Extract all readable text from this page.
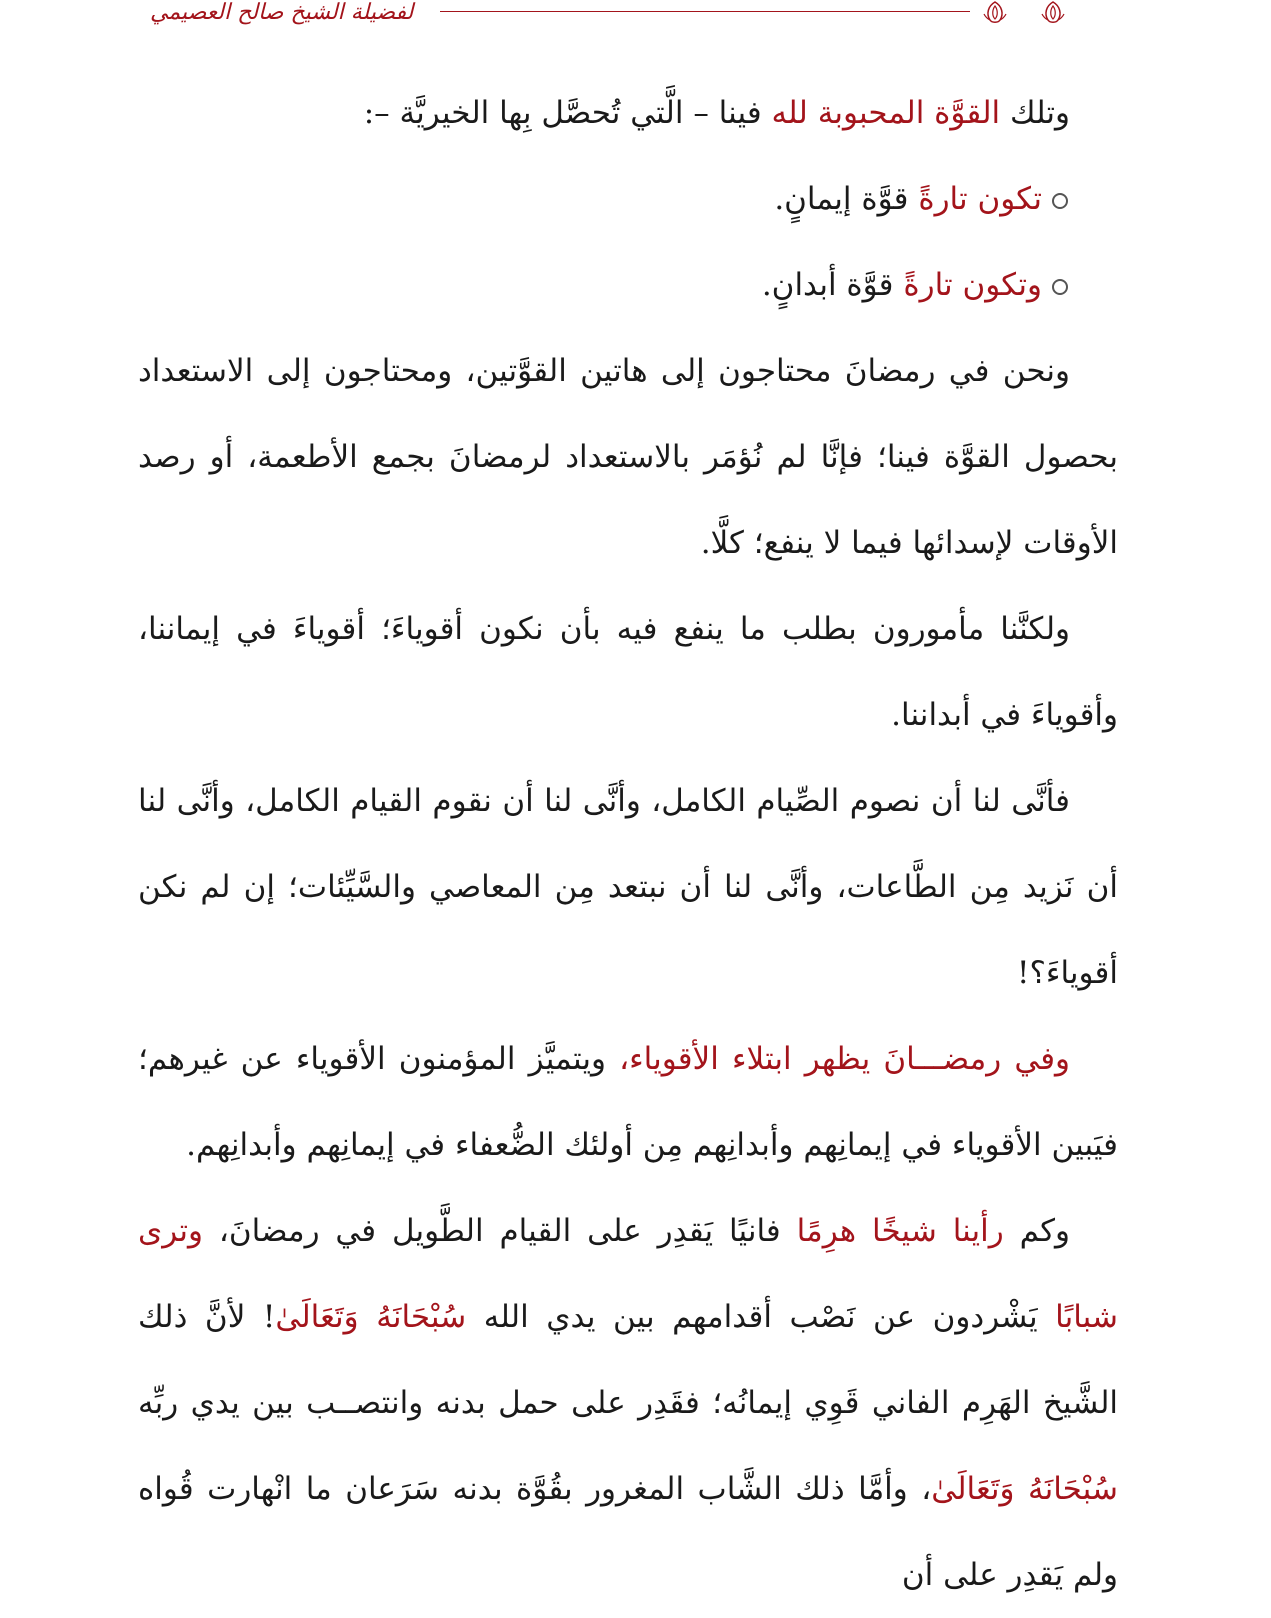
لفضيلة الشيخ صالح العصيمي

وتلك القوَّة المحبوبة لله فينا – الَّتي تُحصَّل بِها الخيريَّة –:

تكون تارةً قوَّة إيمانٍ.

وتكون تارةً قوَّة أبدانٍ.

ونحن في رمضانَ محتاجون إلى هاتين القوَّتين، ومحتاجون إلى الاستعداد بحصول القوَّة فينا؛ فإنَّا لم نُؤمَر بالاستعداد لرمضانَ بجمع الأطعمة، أو رصد الأوقات لإسدائها فيما لا ينفع؛ كلَّا.

ولكنَّنا مأمورون بطلب ما ينفع فيه بأن نكون أقوياءَ؛ أقوياءَ في إيماننا، وأقوياءَ في أبداننا.

فأنَّى لنا أن نصوم الصِّيام الكامل، وأنَّى لنا أن نقوم القيام الكامل، وأنَّى لنا أن نَزيد مِن الطَّاعات، وأنَّى لنا أن نبتعد مِن المعاصي والسَّيِّئات؛ إن لم نكن أقوياءَ؟!

وفي رمضـــانَ يظهر ابتلاء الأقوياء، ويتميَّز المؤمنون الأقوياء عن غيرهم؛ فيَبين الأقوياء في إيمانِهم وأبدانِهم مِن أولئك الضُّعفاء في إيمانِهم وأبدانِهم.

وكم رأينا شيخًا هرِمًا فانيًا يَقدِر على القيام الطَّويل في رمضانَ، وترى شبابًا يَشْردون عن نَصْب أقدامهم بين يدي الله سُبْحَانَهُ وَتَعَالَىٰ! لأنَّ ذلك الشَّيخ الهَرِم الفاني قَوِي إيمانُه؛ فقَدِر على حمل بدنه وانتصــب بين يدي ربِّه سُبْحَانَهُ وَتَعَالَىٰ، وأمَّا ذلك الشَّاب المغرور بقُوَّة بدنه سَرَعان ما انْهارت قُواه ولم يَقدِر على أن
